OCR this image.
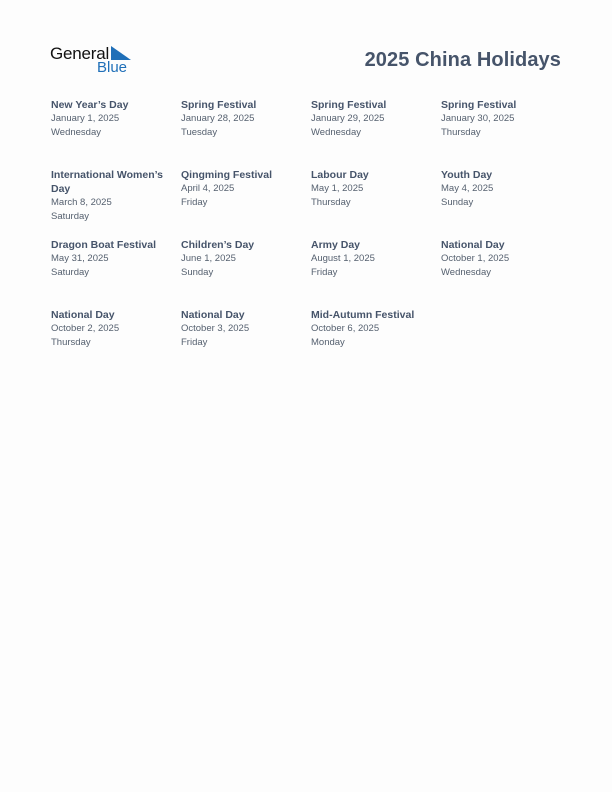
General
Blue	2025 China Holidays
New Year’s Day
January 1, 2025
Wednesday
Spring Festival
January 28, 2025
Tuesday
Spring Festival
January 29, 2025
Wednesday
Spring Festival
January 30, 2025
Thursday
International Women’s Day
March 8, 2025
Saturday
Qingming Festival
April 4, 2025
Friday
Labour Day
May 1, 2025
Thursday
Youth Day
May 4, 2025
Sunday
Dragon Boat Festival
May 31, 2025
Saturday
Children’s Day
June 1, 2025
Sunday
Army Day
August 1, 2025
Friday
National Day
October 1, 2025
Wednesday
National Day
October 2, 2025
Thursday
National Day
October 3, 2025
Friday
Mid-Autumn Festival
October 6, 2025
Monday
